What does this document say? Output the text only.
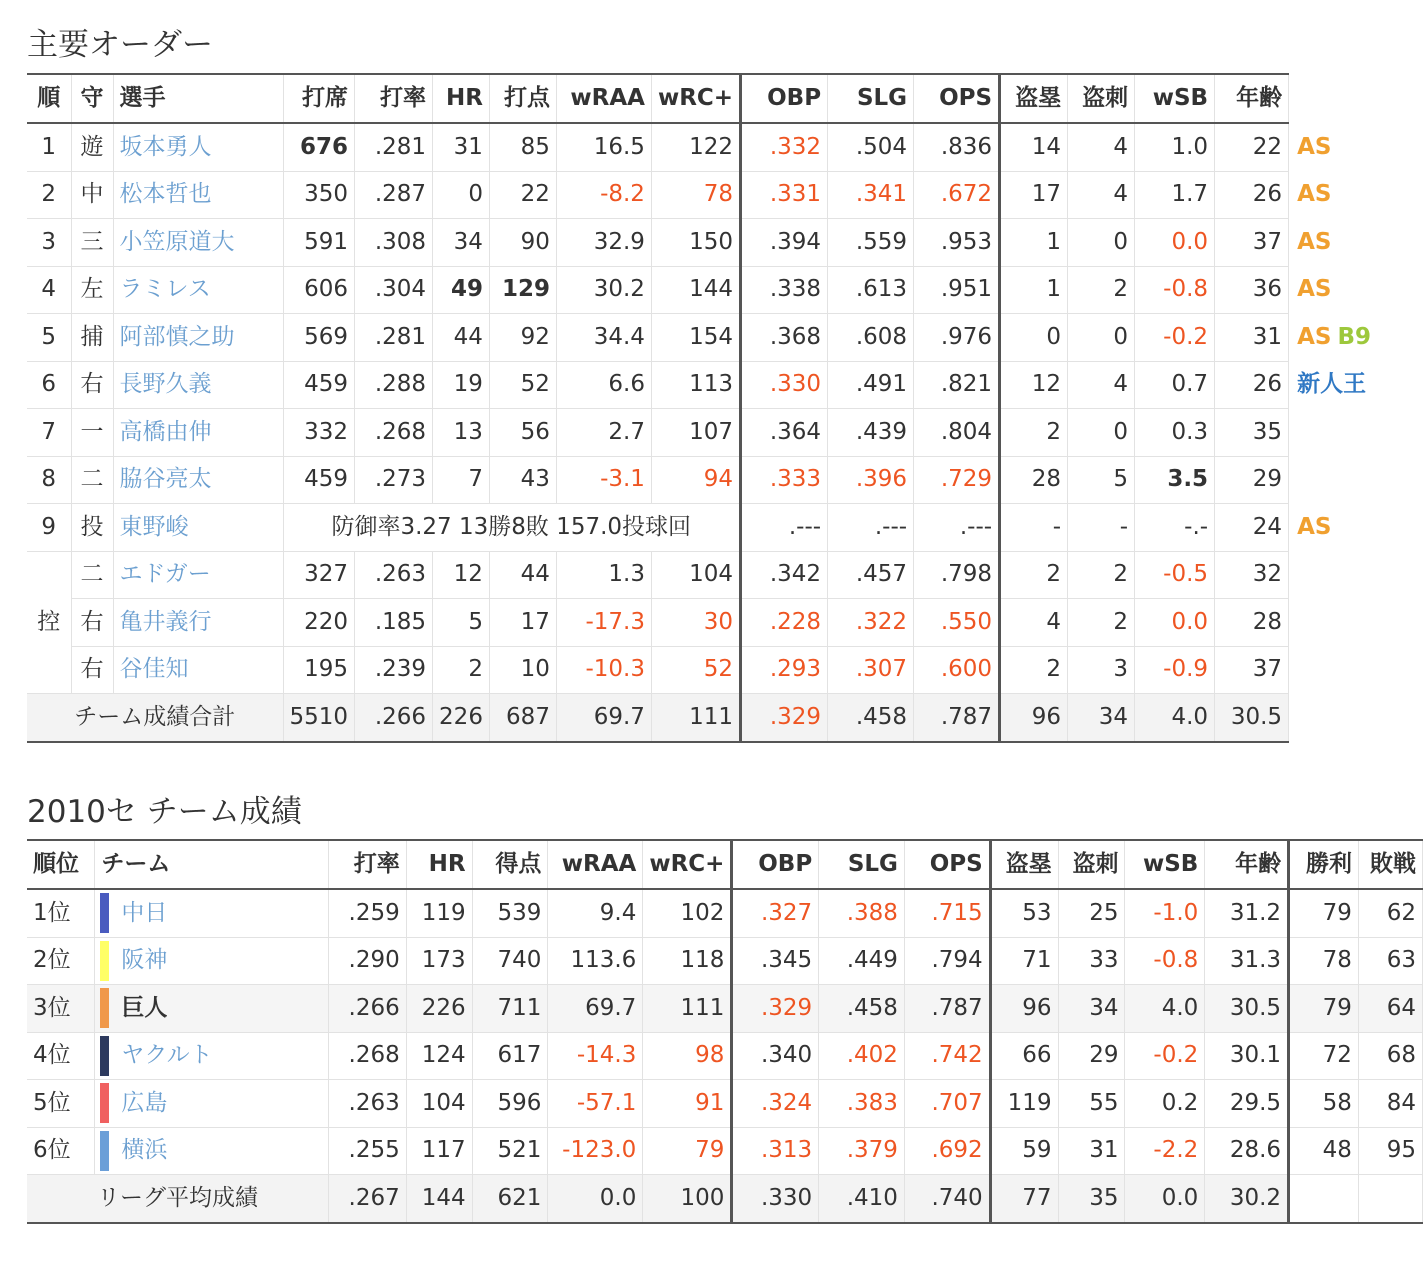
主要オーダー
順	守	選手	打席	打率	HR	打点	wRAA	wRC+	OBP	SLG	OPS	盗塁	盗刺	wSB	年齢	
1	遊	坂本勇人	676	.281	31	85	16.5	122	.332	.504	.836	14	4	1.0	22	AS
2	中	松本哲也	350	.287	0	22	-8.2	78	.331	.341	.672	17	4	1.7	26	AS
3	三	小笠原道大	591	.308	34	90	32.9	150	.394	.559	.953	1	0	0.0	37	AS
4	左	ラミレス	606	.304	49	129	30.2	144	.338	.613	.951	1	2	-0.8	36	AS
5	捕	阿部慎之助	569	.281	44	92	34.4	154	.368	.608	.976	0	0	-0.2	31	AS B9
6	右	長野久義	459	.288	19	52	6.6	113	.330	.491	.821	12	4	0.7	26	新人王
7	一	高橋由伸	332	.268	13	56	2.7	107	.364	.439	.804	2	0	0.3	35	
8	二	脇谷亮太	459	.273	7	43	-3.1	94	.333	.396	.729	28	5	3.5	29	
9	投	東野峻	防御率3.27 13勝8敗 157.0投球回						.---	.---	.---	-	-	-.-	24	AS
控	二	エドガー	327	.263	12	44	1.3	104	.342	.457	.798	2	2	-0.5	32	
	右	亀井義行	220	.185	5	17	-17.3	30	.228	.322	.550	4	2	0.0	28	
	右	谷佳知	195	.239	2	10	-10.3	52	.293	.307	.600	2	3	-0.9	37	
チーム成績合計			5510	.266	226	687	69.7	111	.329	.458	.787	96	34	4.0	30.5	
2010セ チーム成績
順位	チーム	打率	HR	得点	wRAA	wRC+	OBP	SLG	OPS	盗塁	盗刺	wSB	年齢	勝利	敗戦
1位	中日	.259	119	539	9.4	102	.327	.388	.715	53	25	-1.0	31.2	79	62
2位	阪神	.290	173	740	113.6	118	.345	.449	.794	71	33	-0.8	31.3	78	63
3位	巨人	.266	226	711	69.7	111	.329	.458	.787	96	34	4.0	30.5	79	64
4位	ヤクルト	.268	124	617	-14.3	98	.340	.402	.742	66	29	-0.2	30.1	72	68
5位	広島	.263	104	596	-57.1	91	.324	.383	.707	119	55	0.2	29.5	58	84
6位	横浜	.255	117	521	-123.0	79	.313	.379	.692	59	31	-2.2	28.6	48	95
リーグ平均成績		.267	144	621	0.0	100	.330	.410	.740	77	35	0.0	30.2		
